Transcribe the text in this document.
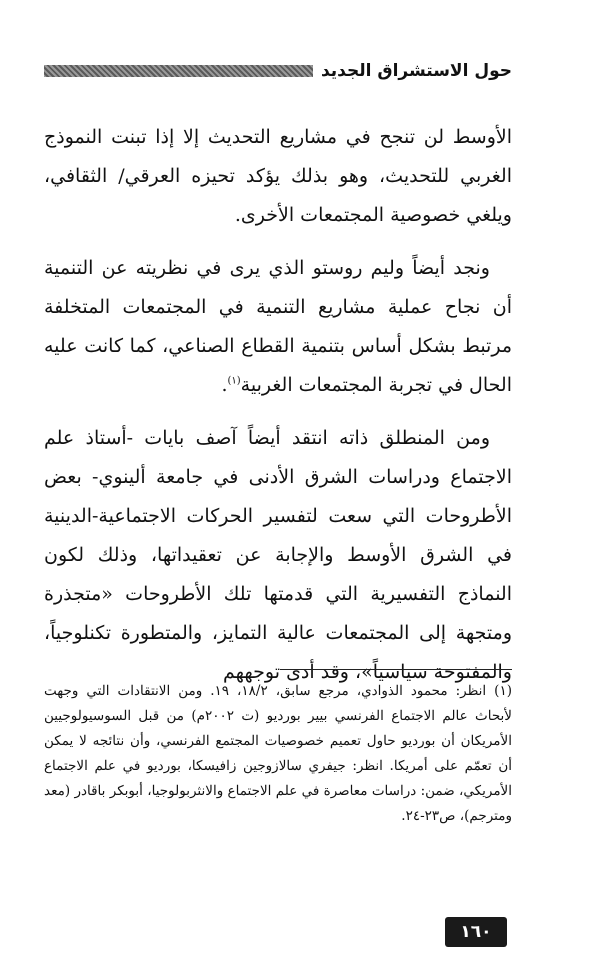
حول الاستشراق الجديد

الأوسط لن تنجح في مشاريع التحديث إلا إذا تبنت النموذج الغربي للتحديث، وهو بذلك يؤكد تحيزه العرقي/ الثقافي، ويلغي خصوصية المجتمعات الأخرى.

ونجد أيضاً وليم روستو الذي يرى في نظريته عن التنمية أن نجاح عملية مشاريع التنمية في المجتمعات المتخلفة مرتبط بشكل أساس بتنمية القطاع الصناعي، كما كانت عليه الحال في تجربة المجتمعات الغربية$^{(١)}$.

ومن المنطلق ذاته انتقد أيضاً آصف بايات -أستاذ علم الاجتماع ودراسات الشرق الأدنى في جامعة ألينوي- بعض الأطروحات التي سعت لتفسير الحركات الاجتماعية-الدينية في الشرق الأوسط والإجابة عن تعقيداتها، وذلك لكون النماذج التفسيرية التي قدمتها تلك الأطروحات «متجذرة ومتجهة إلى المجتمعات عالية التمايز، والمتطورة تكنلوجياً، والمفتوحة سياسياً»، وقد أدى توجههم

(١) انظر: محمود الذوادي، مرجع سابق، ١٨/٢، ١٩. ومن الانتقادات التي وجهت لأبحاث عالم الاجتماع الفرنسي بيير بورديو (ت ٢٠٠٢م) من قبل السوسيولوجيين الأمريكان أن بورديو حاول تعميم خصوصيات المجتمع الفرنسي، وأن نتائجه لا يمكن أن تعمّم على أمريكا. انظر: جيفري سالازوجين زافيسكا، بورديو في علم الاجتماع الأمريكي، ضمن: دراسات معاصرة في علم الاجتماع والانثربولوجيا، أبوبكر باقادر (معد ومترجم)، ص٢٣-٢٤.
١٦٠
